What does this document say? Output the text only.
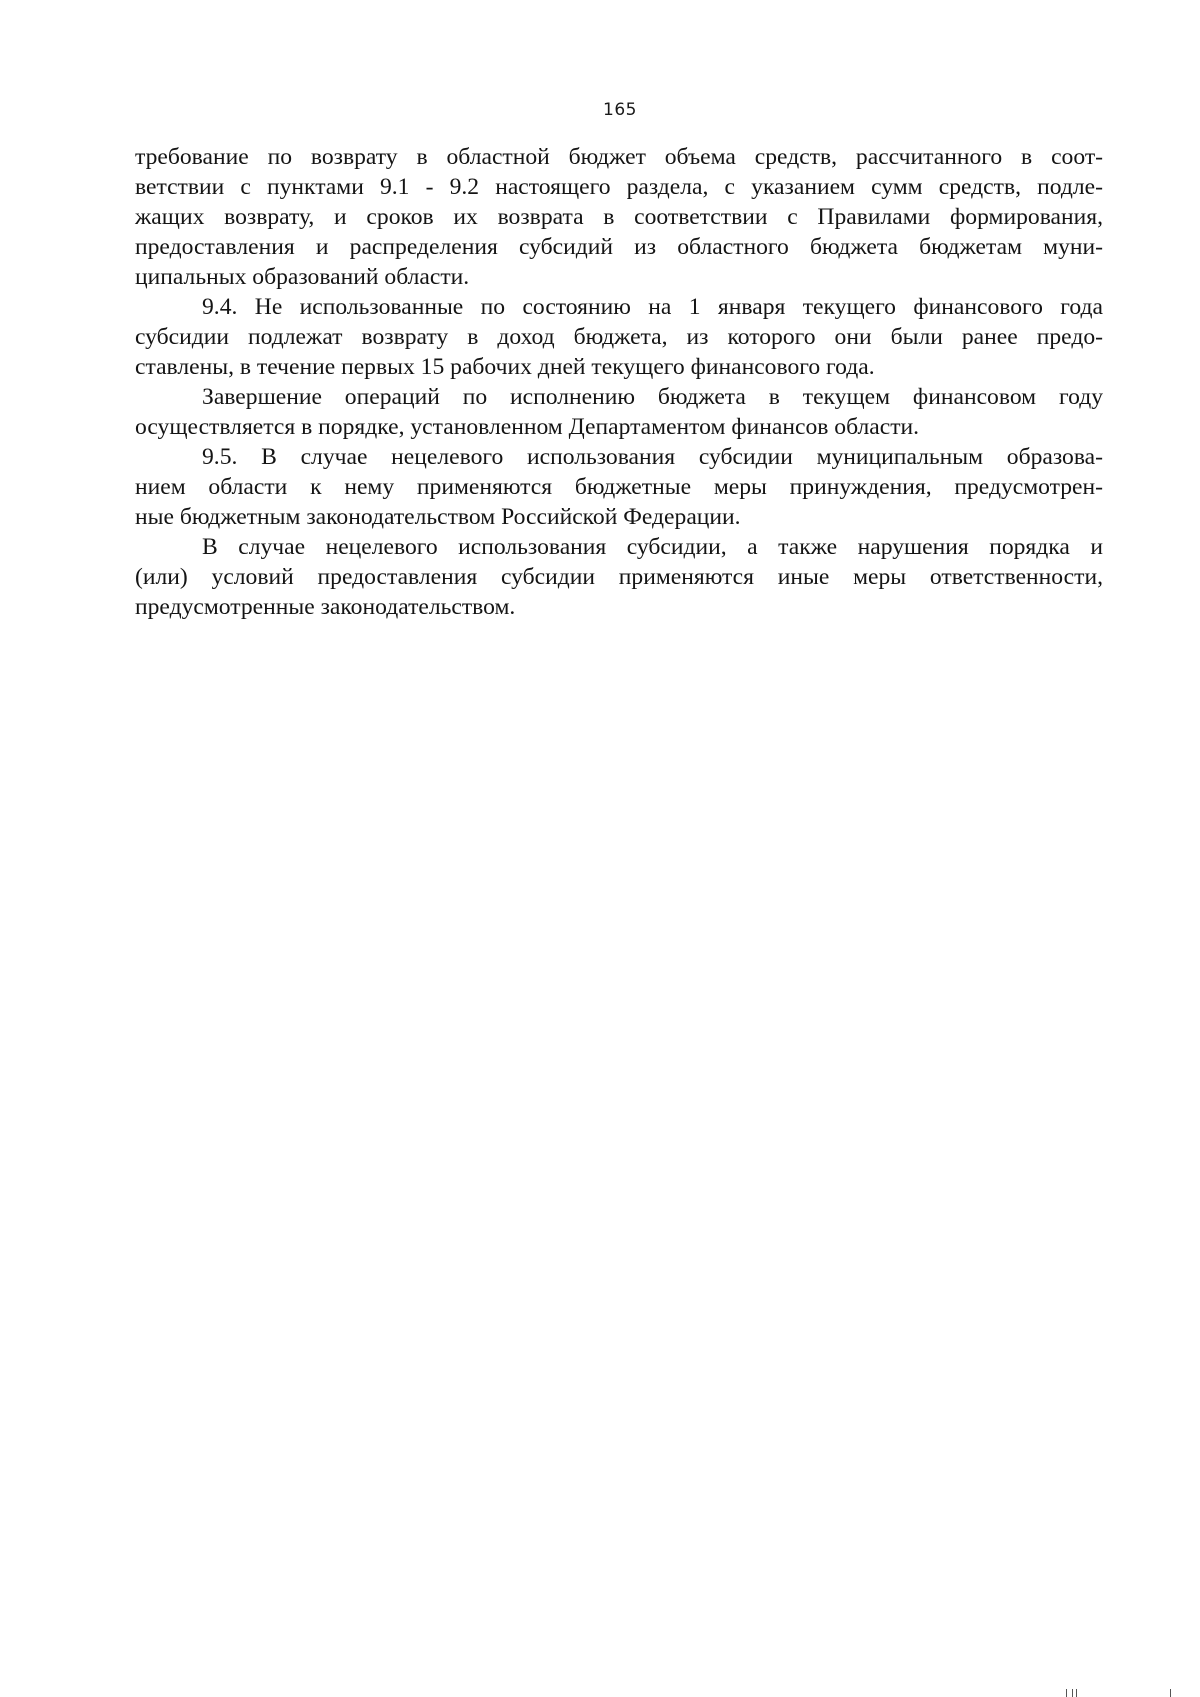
165

требование по возврату в областной бюджет объема средств, рассчитанного в соот-
ветствии с пунктами 9.1 - 9.2 настоящего раздела, с указанием сумм средств, подле-
жащих возврату, и сроков их возврата в соответствии с Правилами формирования,
предоставления и распределения субсидий из областного бюджета бюджетам муни-
ципальных образований области.

9.4. Не использованные по состоянию на 1 января текущего финансового года
субсидии подлежат возврату в доход бюджета, из которого они были ранее предо-
ставлены, в течение первых 15 рабочих дней текущего финансового года.

Завершение операций по исполнению бюджета в текущем финансовом году
осуществляется в порядке, установленном Департаментом финансов области.

9.5. В случае нецелевого использования субсидии муниципальным образова-
нием области к нему применяются бюджетные меры принуждения, предусмотрен-
ные бюджетным законодательством Российской Федерации.

В случае нецелевого использования субсидии, а также нарушения порядка и
(или) условий предоставления субсидии применяются иные меры ответственности,
предусмотренные законодательством.
